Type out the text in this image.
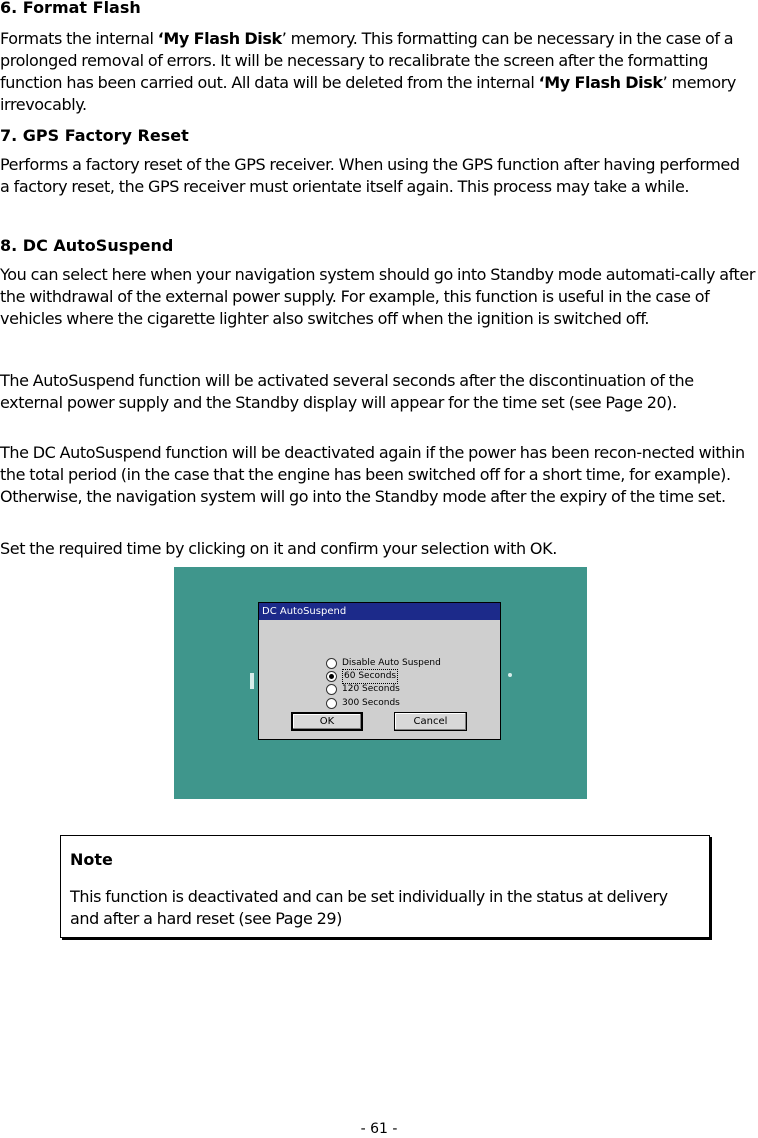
6. Format Flash

Formats the internal ‘My Flash Disk’ memory. This formatting can be necessary in the case of a prolonged removal of errors. It will be necessary to recalibrate the screen after the formatting function has been carried out. All data will be deleted from the internal ‘My Flash Disk’ memory irrevocably.

7. GPS Factory Reset

Performs a factory reset of the GPS receiver. When using the GPS function after having performed a factory reset, the GPS receiver must orientate itself again. This process may take a while.

8. DC AutoSuspend

You can select here when your navigation system should go into Standby mode automati-cally after the withdrawal of the external power supply. For example, this function is useful in the case of vehicles where the cigarette lighter also switches off when the ignition is switched off.

The AutoSuspend function will be activated several seconds after the discontinuation of the external power supply and the Standby display will appear for the time set (see Page 20).

The DC AutoSuspend function will be deactivated again if the power has been recon-nected within the total period (in the case that the engine has been switched off for a short time, for example). Otherwise, the navigation system will go into the Standby mode after the expiry of the time set.

Set the required time by clicking on it and confirm your selection with OK.

DC AutoSuspend
Disable Auto Suspend
60 Seconds
120 Seconds
300 Seconds
OK	Cancel
Note

This function is deactivated and can be set individually in the status at delivery and after a hard reset (see Page 29)

- 61 -
